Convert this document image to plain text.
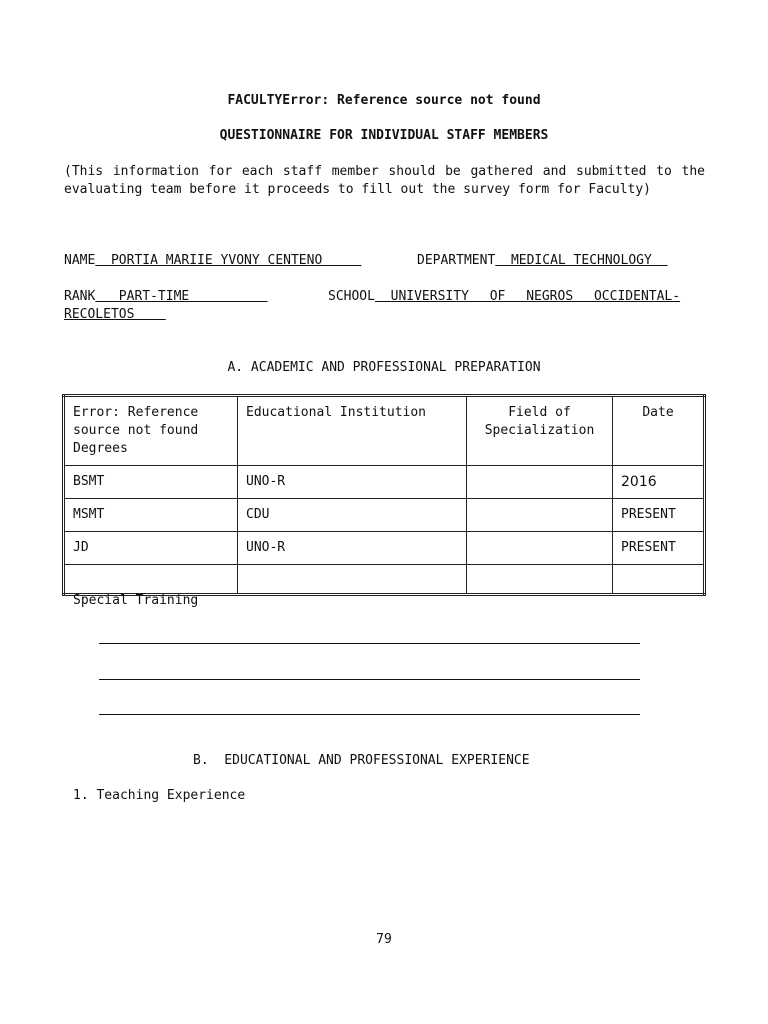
FACULTYError: Reference source not found
QUESTIONNAIRE FOR INDIVIDUAL STAFF MEMBERS
(This information for each staff member should be gathered and submitted to the evaluating team before it proceeds to fill out the survey form for Faculty)
NAME PORTIA MARIIE YVONY CENTENO	DEPARTMENT MEDICAL TECHNOLOGY
RANK PART-TIME	SCHOOL UNIVERSITY OF NEGROS OCCIDENTAL-
RECOLETOS
A. ACADEMIC AND PROFESSIONAL PREPARATION
Error: Reference source not found Degrees	Educational Institution	Field of Specialization	Date
BSMT	UNO-R		2016
MSMT	CDU		PRESENT
JD	UNO-R		PRESENT

Special Training
B.  EDUCATIONAL AND PROFESSIONAL EXPERIENCE
1. Teaching Experience
79
